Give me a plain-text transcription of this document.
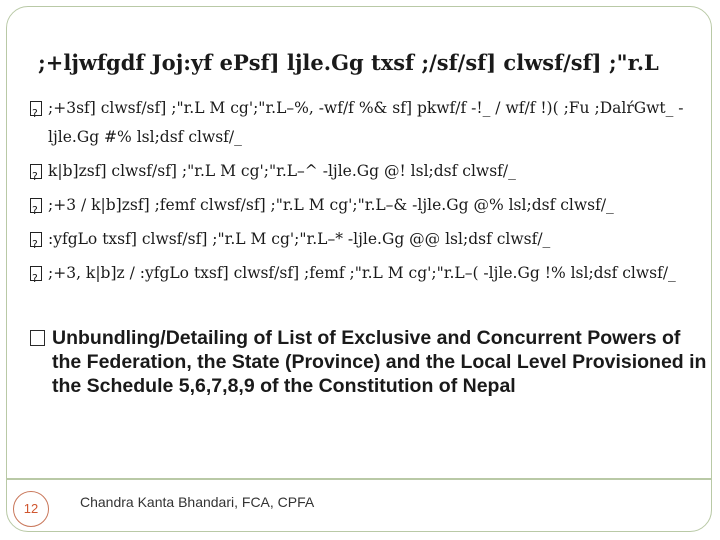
;+ljwfgdf Joj:yf ePsf] ljle.Gg txsf ;/sf/sf] clwsf/sf] ;"r.L
?
;+3sf] clwsf/sf] ;"r.L M cg';"r.L–%, -wf/f %& sf] pkwf/f -!_ / wf/f !)( ;Fu ;DalŕGwt_ -ljle.Gg #% lsl;dsf clwsf/_
?
k|b]zsf] clwsf/sf] ;"r.L M cg';"r.L–^ -ljle.Gg @! lsl;dsf clwsf/_
?
;+3 / k|b]zsf] ;femf clwsf/sf] ;"r.L M cg';"r.L–& -ljle.Gg @% lsl;dsf clwsf/_
?
:yfgLo txsf] clwsf/sf] ;"r.L M cg';"r.L–* -ljle.Gg @@ lsl;dsf clwsf/_
?
;+3, k|b]z / :yfgLo txsf] clwsf/sf] ;femf ;"r.L M cg';"r.L–( -ljle.Gg !% lsl;dsf clwsf/_
Unbundling/Detailing of List of Exclusive and Concurrent Powers of the Federation, the State (Province) and the Local Level Provisioned in the Schedule 5,6,7,8,9 of the Constitution of Nepal
12	Chandra Kanta Bhandari, FCA, CPFA
